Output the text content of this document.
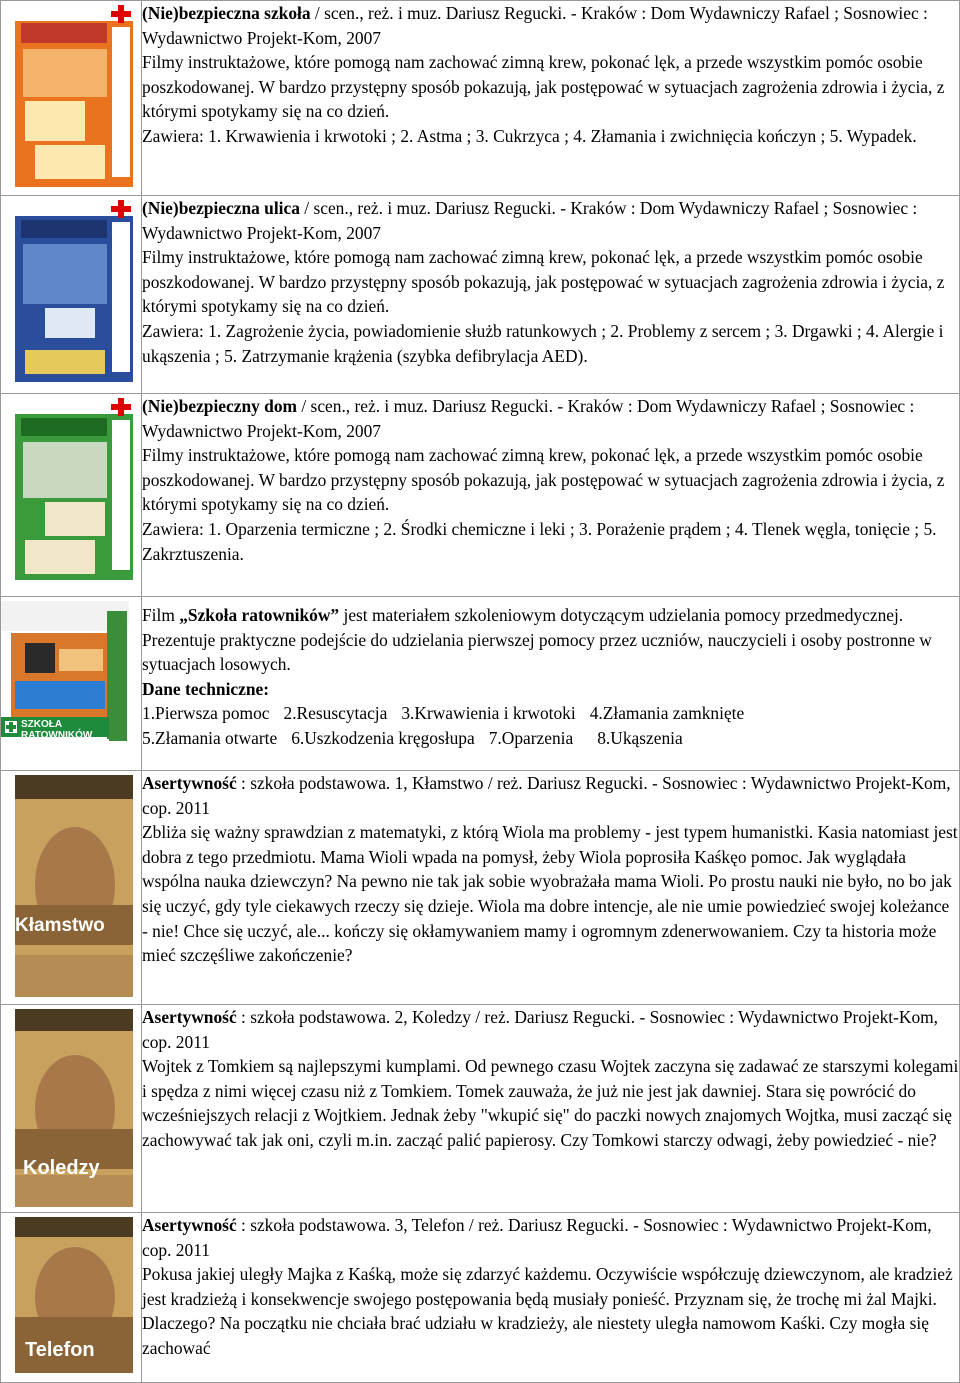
(Nie)bezpieczna szkoła / scen., reż. i muz. Dariusz Regucki. - Kraków : Dom Wydawniczy Rafael ; Sosnowiec : Wydawnictwo Projekt-Kom, 2007

Filmy instruktażowe, które pomogą nam zachować zimną krew, pokonać lęk, a przede wszystkim pomóc osobie poszkodowanej. W bardzo przystępny sposób pokazują, jak postępować w sytuacjach zagrożenia zdrowia i życia, z którymi spotykamy się na co dzień.

Zawiera: 1. Krwawienia i krwotoki ; 2. Astma ; 3. Cukrzyca ; 4. Złamania i zwichnięcia kończyn ; 5. Wypadek.

(Nie)bezpieczna ulica / scen., reż. i muz. Dariusz Regucki. - Kraków : Dom Wydawniczy Rafael ; Sosnowiec : Wydawnictwo Projekt-Kom, 2007

Filmy instruktażowe, które pomogą nam zachować zimną krew, pokonać lęk, a przede wszystkim pomóc osobie poszkodowanej. W bardzo przystępny sposób pokazują, jak postępować w sytuacjach zagrożenia zdrowia i życia, z którymi spotykamy się na co dzień.

Zawiera: 1. Zagrożenie życia, powiadomienie służb ratunkowych ; 2. Problemy z sercem ; 3. Drgawki ; 4. Alergie i ukąszenia ; 5. Zatrzymanie krążenia (szybka defibrylacja AED).

(Nie)bezpieczny dom / scen., reż. i muz. Dariusz Regucki. - Kraków : Dom Wydawniczy Rafael ; Sosnowiec : Wydawnictwo Projekt-Kom, 2007

Filmy instruktażowe, które pomogą nam zachować zimną krew, pokonać lęk, a przede wszystkim pomóc osobie poszkodowanej. W bardzo przystępny sposób pokazują, jak postępować w sytuacjach zagrożenia zdrowia i życia, z którymi spotykamy się na co dzień.

Zawiera: 1. Oparzenia termiczne ; 2. Środki chemiczne i leki ; 3. Porażenie prądem ; 4. Tlenek węgla, tonięcie ; 5. Zakrztuszenia.

SZKOŁA RATOWNIKÓW	Film „Szkoła ratowników” jest materiałem szkoleniowym dotyczącym udzielania pomocy przedmedycznej. Prezentuje praktyczne podejście do udzielania pierwszej pomocy przez uczniów, nauczycieli i osoby postronne w sytuacjach losowych.

Dane techniczne:

1.Pierwsza pomoc 2.Resuscytacja 3.Krwawienia i krwotoki 4.Złamania zamknięte
5.Złamania otwarte 6.Uszkodzenia kręgosłupa 7.Oparzenia 8.Ukąszenia

Kłamstwo	Asertywność : szkoła podstawowa. 1, Kłamstwo / reż. Dariusz Regucki. - Sosnowiec : Wydawnictwo Projekt-Kom, cop. 2011

Zbliża się ważny sprawdzian z matematyki, z którą Wiola ma problemy - jest typem humanistki. Kasia natomiast jest dobra z tego przedmiotu. Mama Wioli wpada na pomysł, żeby Wiola poprosiła Kaśkęo pomoc. Jak wyglądała wspólna nauka dziewczyn? Na pewno nie tak jak sobie wyobrażała mama Wioli. Po prostu nauki nie było, no bo jak się uczyć, gdy tyle ciekawych rzeczy się dzieje. Wiola ma dobre intencje, ale nie umie powiedzieć swojej koleżance - nie! Chce się uczyć, ale... kończy się okłamywaniem mamy i ogromnym zdenerwowaniem. Czy ta historia może mieć szczęśliwe zakończenie?

Koledzy	Asertywność : szkoła podstawowa. 2, Koledzy / reż. Dariusz Regucki. - Sosnowiec : Wydawnictwo Projekt-Kom, cop. 2011

Wojtek z Tomkiem są najlepszymi kumplami. Od pewnego czasu Wojtek zaczyna się zadawać ze starszymi kolegami i spędza z nimi więcej czasu niż z Tomkiem. Tomek zauważa, że już nie jest jak dawniej. Stara się powrócić do wcześniejszych relacji z Wojtkiem. Jednak żeby "wkupić się" do paczki nowych znajomych Wojtka, musi zacząć się zachowywać tak jak oni, czyli m.in. zacząć palić papierosy. Czy Tomkowi starczy odwagi, żeby powiedzieć - nie?

Telefon	Asertywność : szkoła podstawowa. 3, Telefon / reż. Dariusz Regucki. - Sosnowiec : Wydawnictwo Projekt-Kom, cop. 2011

Pokusa jakiej uległy Majka z Kaśką, może się zdarzyć każdemu. Oczywiście współczuję dziewczynom, ale kradzież jest kradzieżą i konsekwencje swojego postępowania będą musiały ponieść. Przyznam się, że trochę mi żal Majki. Dlaczego? Na początku nie chciała brać udziału w kradzieży, ale niestety uległa namowom Kaśki. Czy mogła się zachować
